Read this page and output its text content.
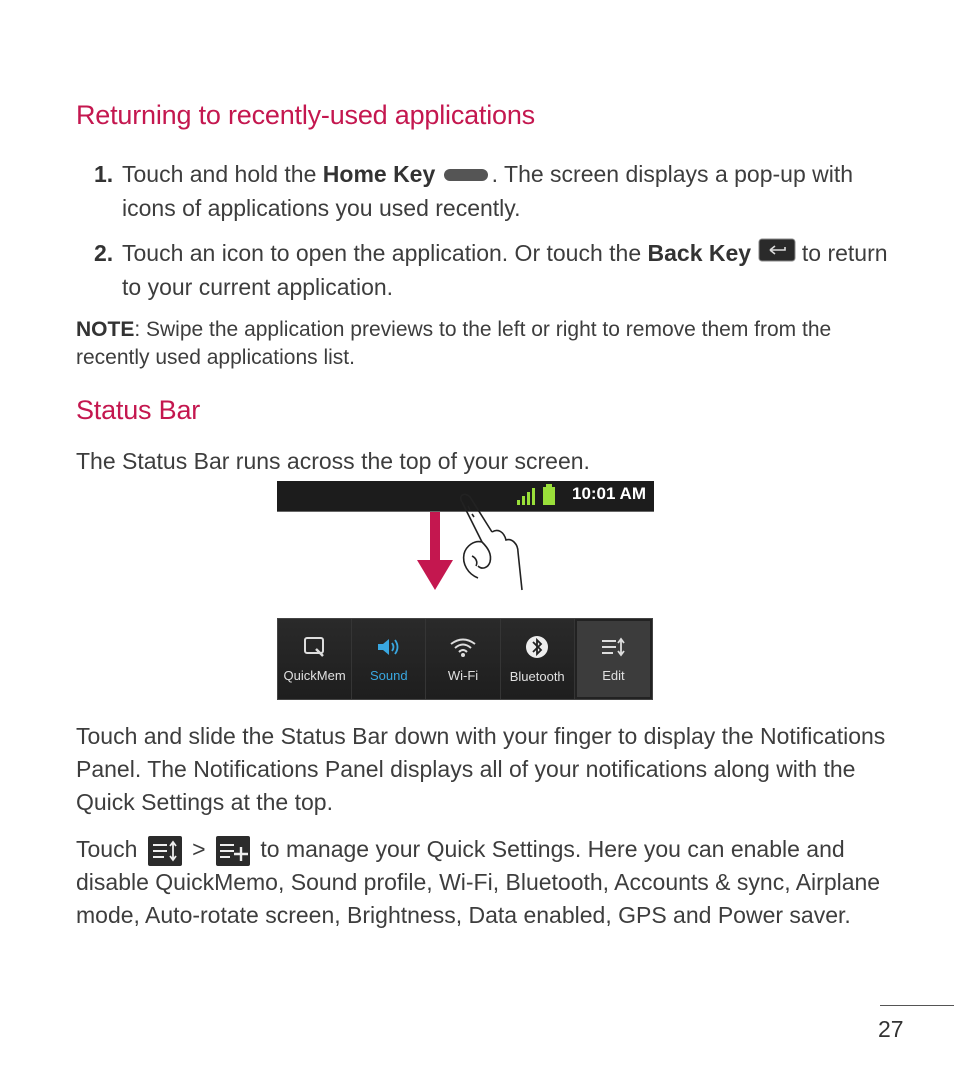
Returning to recently-used applications
1. Touch and hold the Home Key . The screen displays a pop-up with icons of applications you used recently.
2. Touch an icon to open the application. Or touch the Back Key  to return to your current application.
NOTE: Swipe the application previews to the left or right to remove them from the recently used applications list.
Status Bar
The Status Bar runs across the top of your screen.
10:01 AM
QuickMem	Sound	Wi-Fi	Bluetooth	Edit
Touch and slide the Status Bar down with your finger to display the Notifications Panel. The Notifications Panel displays all of your notifications along with the Quick Settings at the top.
Touch
>
to manage your Quick Settings. Here you can enable and disable QuickMemo, Sound profile, Wi-Fi, Bluetooth, Accounts & sync, Airplane mode, Auto-rotate screen, Brightness, Data enabled, GPS and Power saver.
27
